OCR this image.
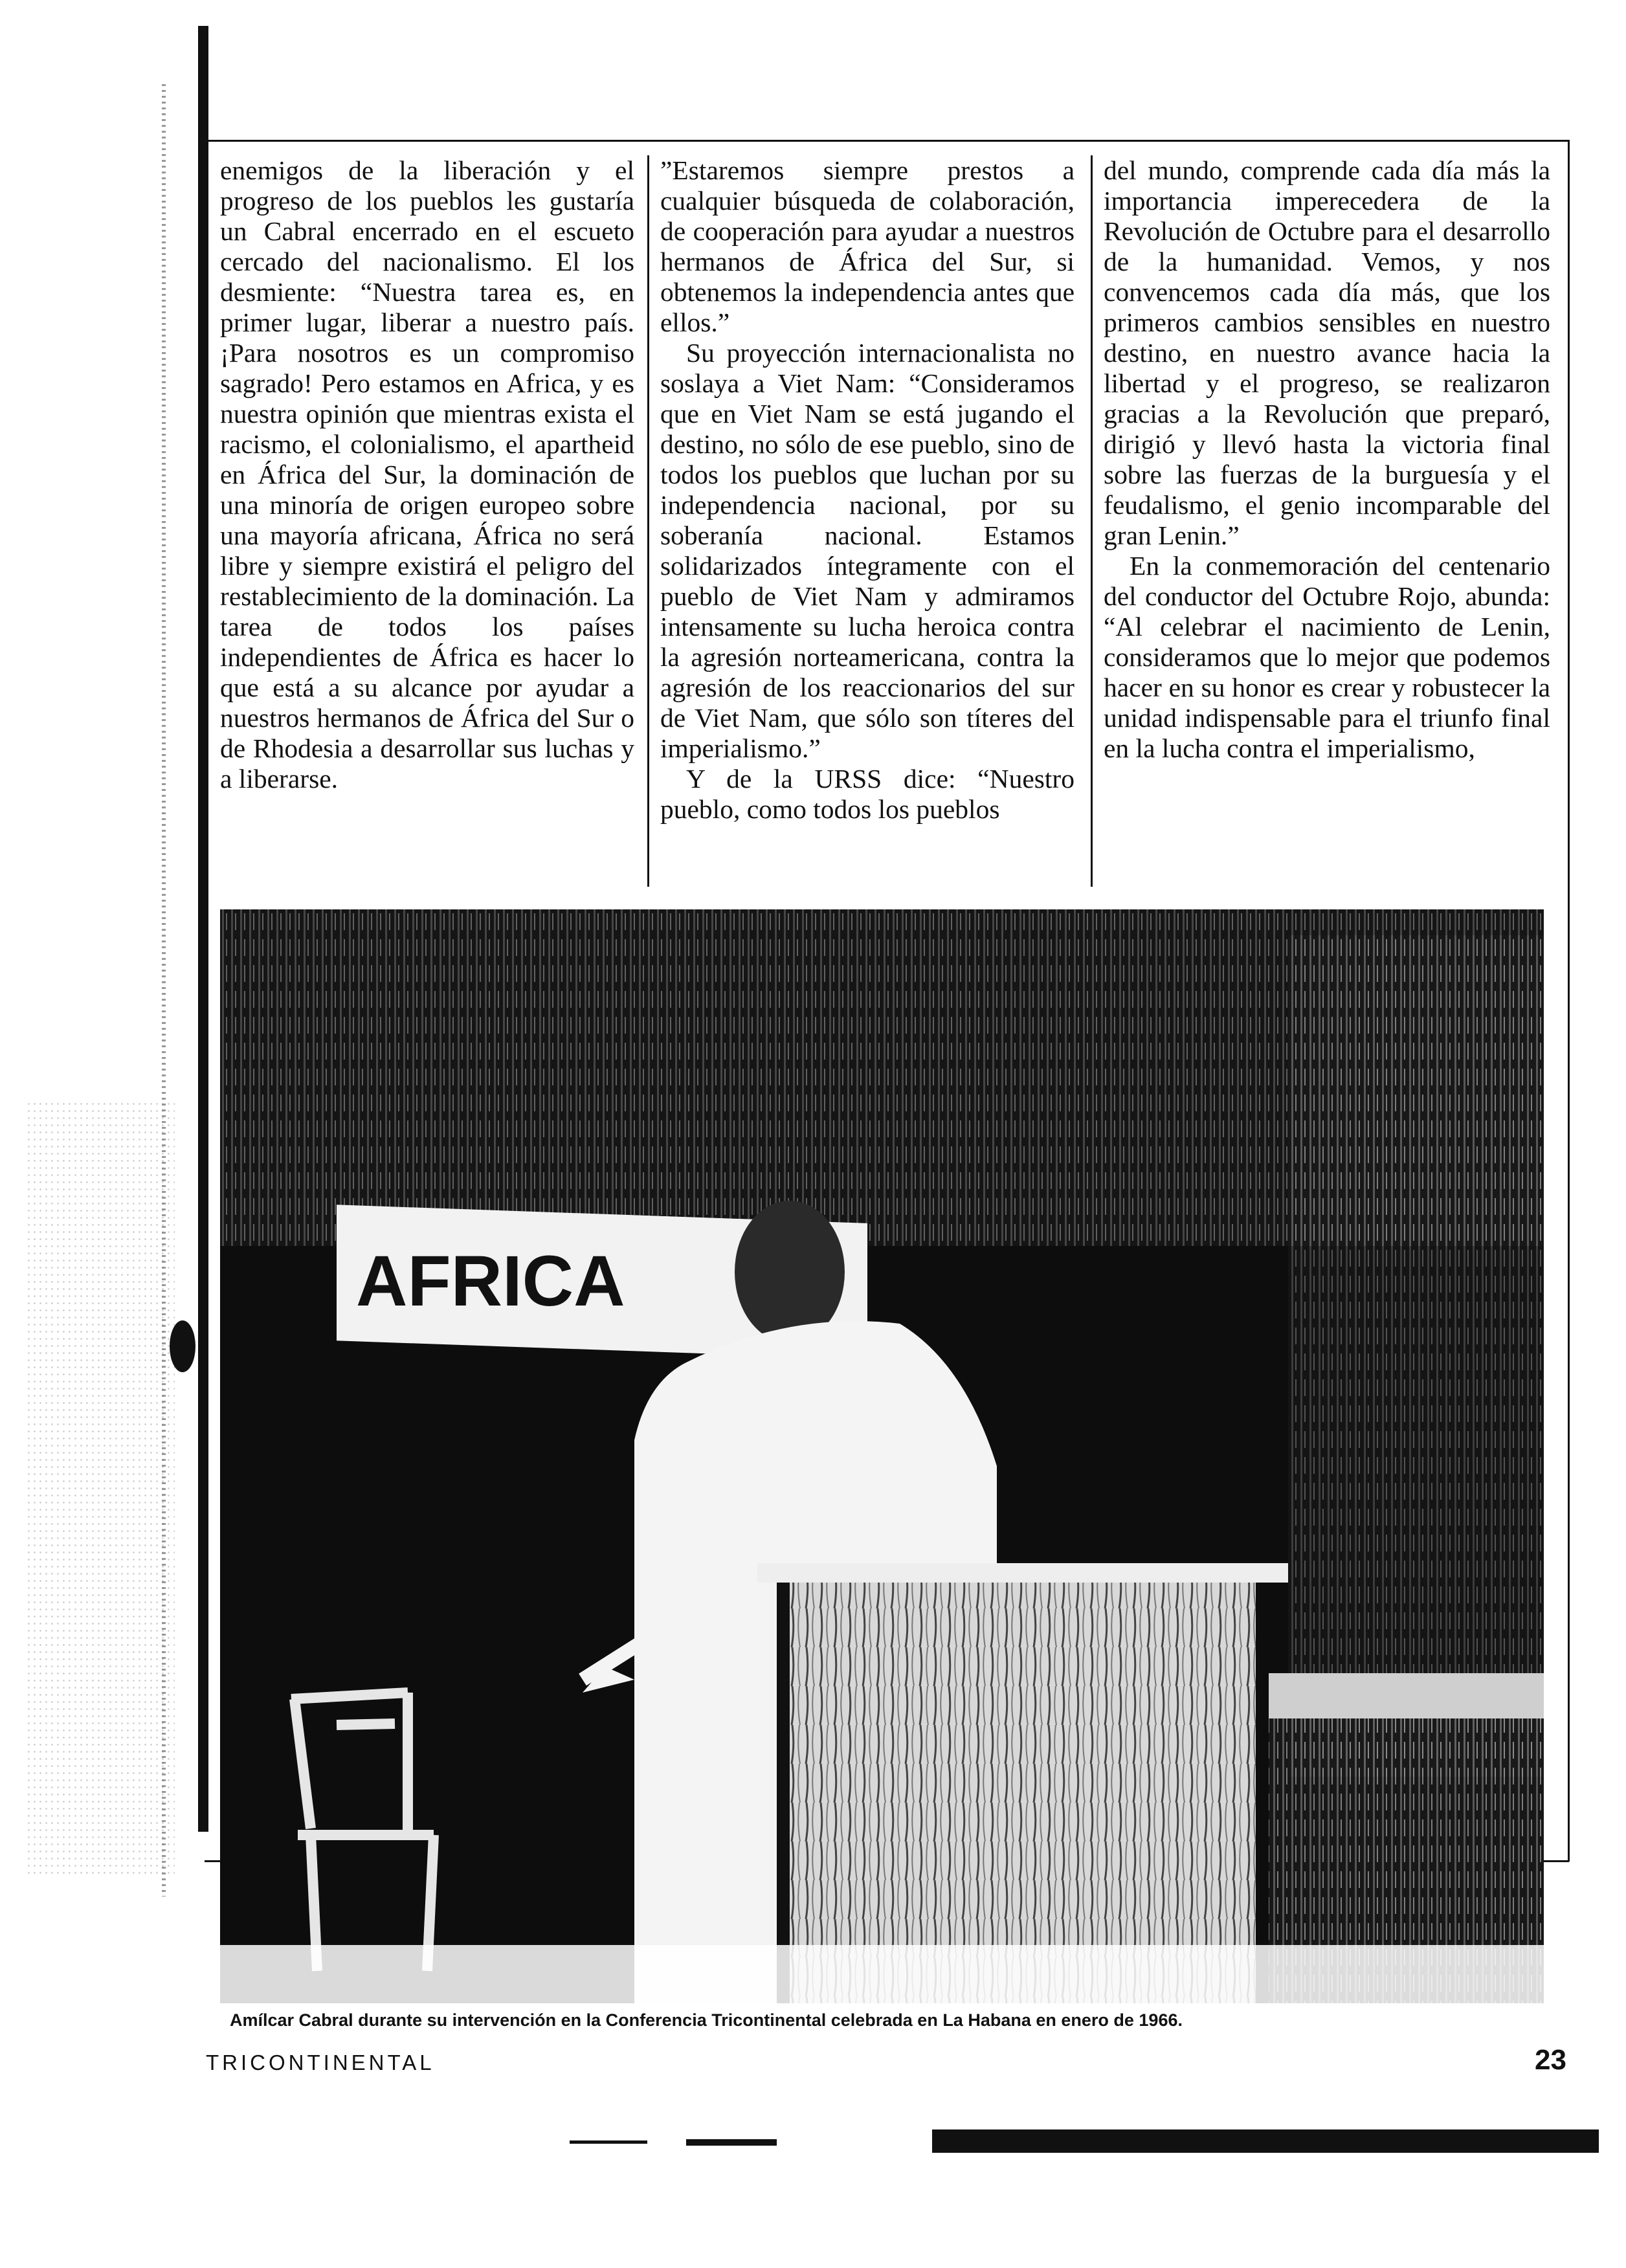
enemigos de la liberación y el progreso de los pueblos les gustaría un Cabral encerrado en el escueto cercado del nacionalismo. El los desmiente: “Nuestra tarea es, en primer lugar, liberar a nuestro país. ¡Para nosotros es un compromiso sagrado! Pero estamos en Africa, y es nuestra opinión que mientras exista el racismo, el colonialismo, el apartheid en África del Sur, la dominación de una minoría de origen europeo sobre una mayoría africana, África no será libre y siempre existirá el peligro del restablecimiento de la dominación. La tarea de todos los países independientes de África es hacer lo que está a su alcance por ayudar a nuestros hermanos de África del Sur o de Rhodesia a desarrollar sus luchas y a liberarse.

”Estaremos siempre prestos a cualquier búsqueda de colaboración, de cooperación para ayudar a nuestros hermanos de África del Sur, si obtenemos la independencia antes que ellos.”

Su proyección internacionalista no soslaya a Viet Nam: “Consideramos que en Viet Nam se está jugando el destino, no sólo de ese pueblo, sino de todos los pueblos que luchan por su independencia nacional, por su soberanía nacional. Estamos solidarizados íntegramente con el pueblo de Viet Nam y admiramos intensamente su lucha heroica contra la agresión norteamericana, contra la agresión de los reaccionarios del sur de Viet Nam, que sólo son títeres del imperialismo.”

Y de la URSS dice: “Nuestro pueblo, como todos los pueblos

del mundo, comprende cada día más la importancia imperecedera de la Revolución de Octubre para el desarrollo de la humanidad. Vemos, y nos convencemos cada día más, que los primeros cambios sensibles en nuestro destino, en nuestro avance hacia la libertad y el progreso, se realizaron gracias a la Revolución que preparó, dirigió y llevó hasta la victoria final sobre las fuerzas de la burguesía y el feudalismo, el genio incomparable del gran Lenin.”

En la conmemoración del centenario del conductor del Octubre Rojo, abunda: “Al celebrar el nacimiento de Lenin, consideramos que lo mejor que podemos hacer en su honor es crear y robustecer la unidad indispensable para el triunfo final en la lucha contra el imperialismo,

AFRICA
Amílcar Cabral durante su intervención en la Conferencia Tricontinental celebrada en La Habana en enero de 1966.
TRICONTINENTAL	23
